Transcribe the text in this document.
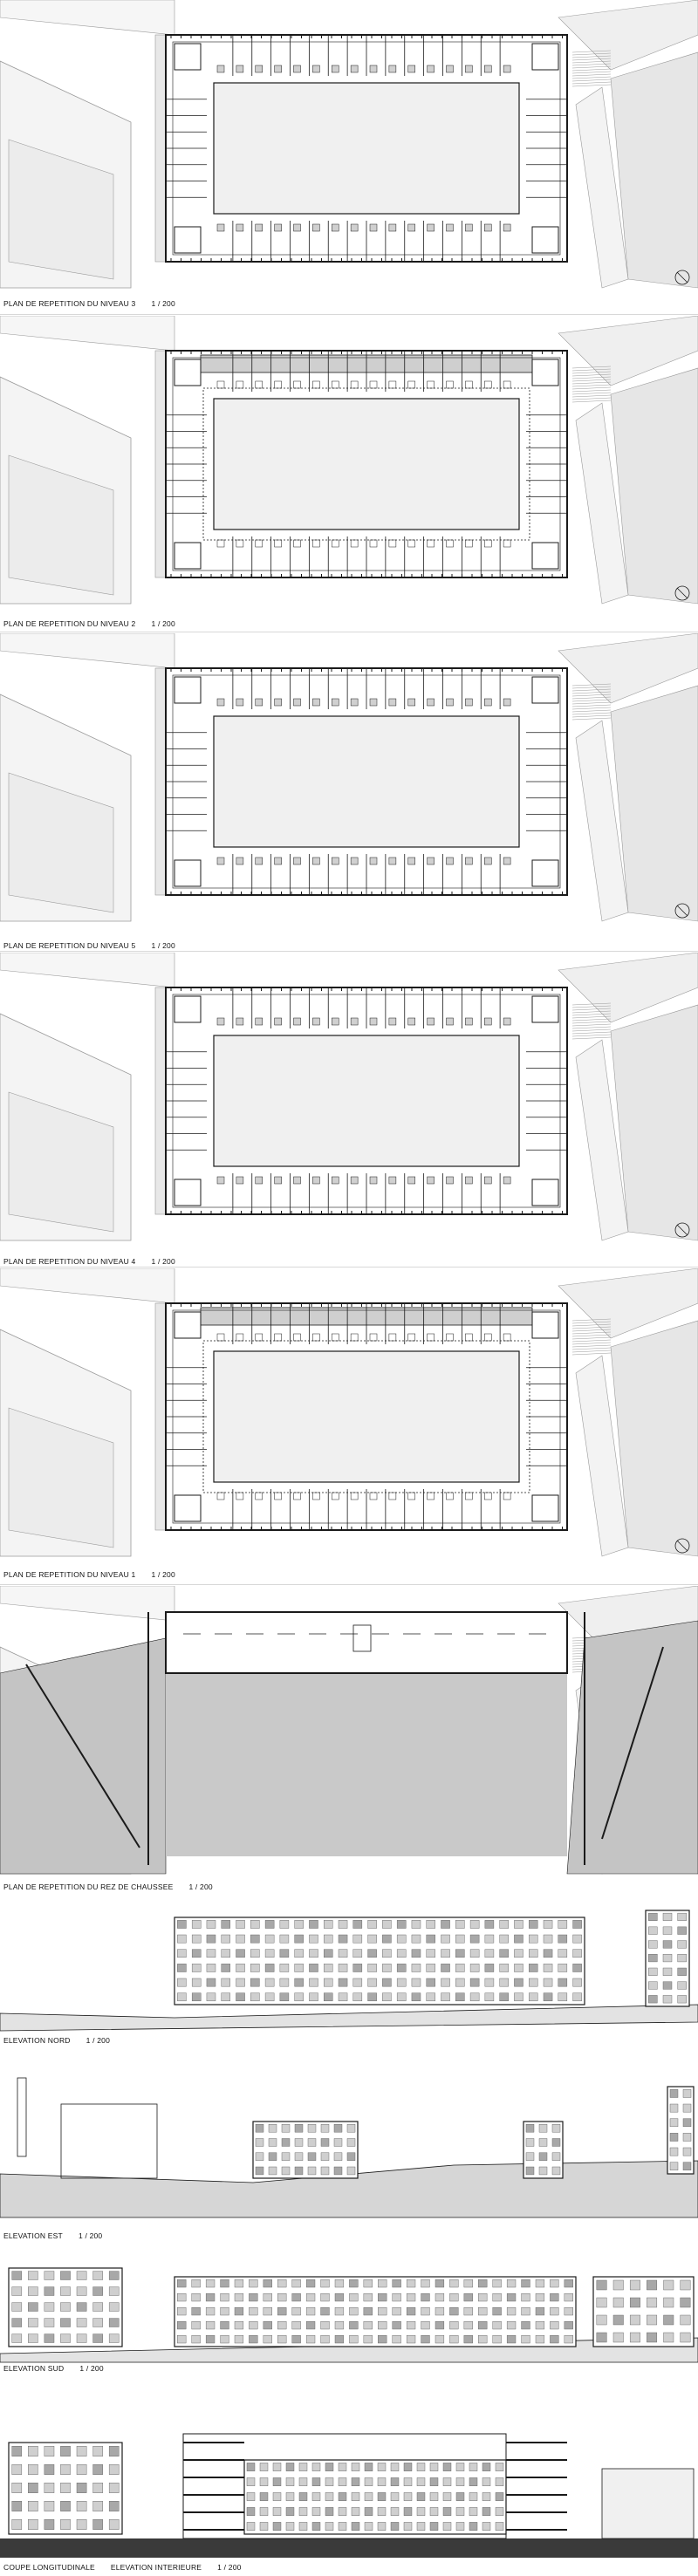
PLAN DE REPETITION DU NIVEAU 3 1 / 200
PLAN DE REPETITION DU NIVEAU 2 1 / 200
PLAN DE REPETITION DU NIVEAU 5 1 / 200
PLAN DE REPETITION DU NIVEAU 4 1 / 200
PLAN DE REPETITION DU NIVEAU 1 1 / 200
PLAN DE REPETITION DU REZ DE CHAUSSEE 1 / 200
ELEVATION NORD 1 / 200
ELEVATION EST 1 / 200
ELEVATION SUD 1 / 200
COUPE LONGITUDINALE ELEVATION INTERIEURE 1 / 200
